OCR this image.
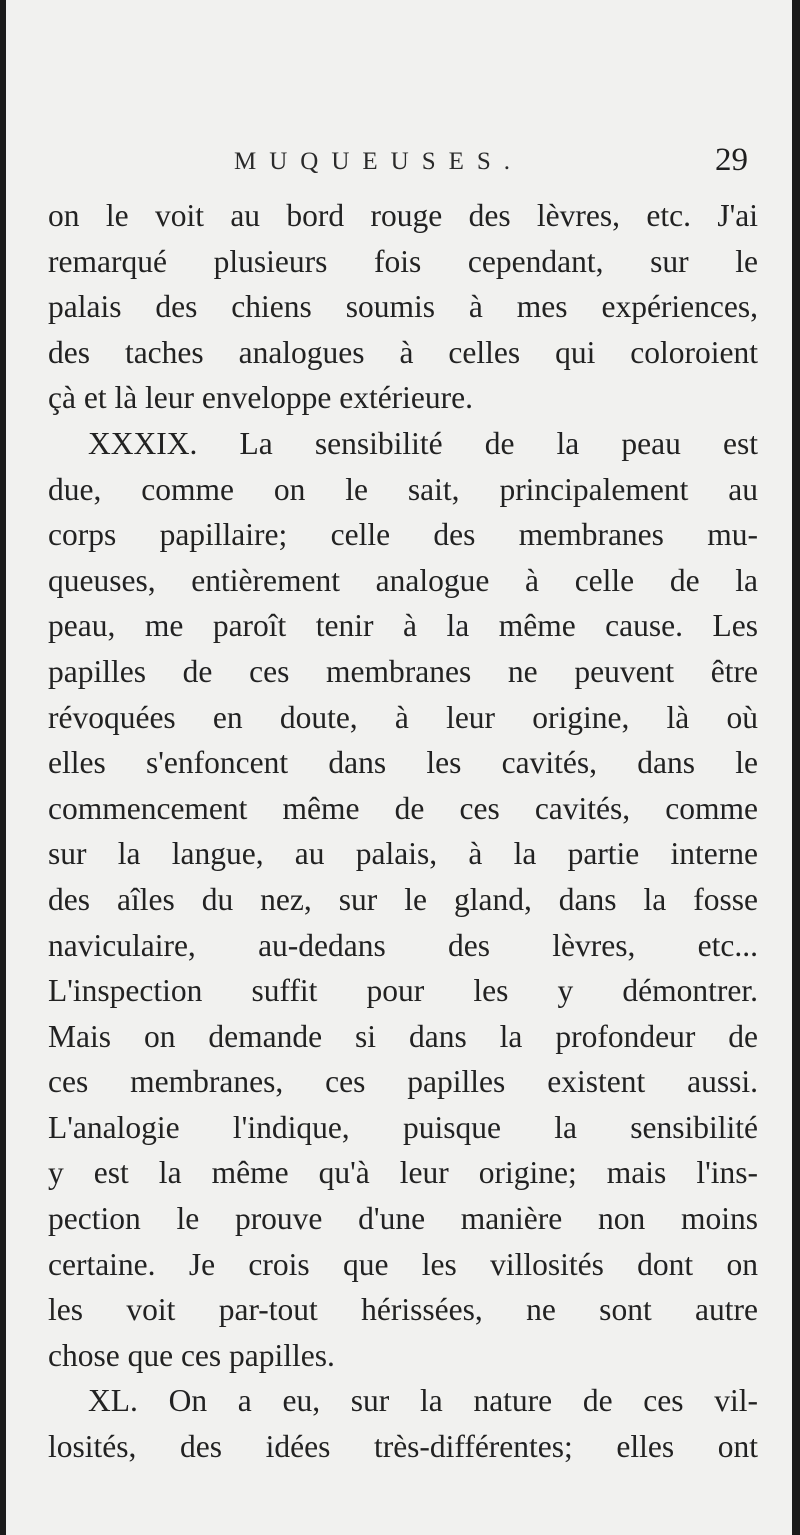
MUQUEUSES.	29
on le voit au bord rouge des lèvres, etc. J'ai
remarqué plusieurs fois cependant, sur le
palais des chiens soumis à mes expériences,
des taches analogues à celles qui coloroient
çà et là leur enveloppe extérieure.
XXXIX. La sensibilité de la peau est
due, comme on le sait, principalement au
corps papillaire; celle des membranes mu-
queuses, entièrement analogue à celle de la
peau, me paroît tenir à la même cause. Les
papilles de ces membranes ne peuvent être
révoquées en doute, à leur origine, là où
elles s'enfoncent dans les cavités, dans le
commencement même de ces cavités, comme
sur la langue, au palais, à la partie interne
des aîles du nez, sur le gland, dans la fosse
naviculaire, au-dedans des lèvres, etc...
L'inspection suffit pour les y démontrer.
Mais on demande si dans la profondeur de
ces membranes, ces papilles existent aussi.
L'analogie l'indique, puisque la sensibilité
y est la même qu'à leur origine; mais l'ins-
pection le prouve d'une manière non moins
certaine. Je crois que les villosités dont on
les voit par-tout hérissées, ne sont autre
chose que ces papilles.
XL. On a eu, sur la nature de ces vil-
losités, des idées très-différentes; elles ont
